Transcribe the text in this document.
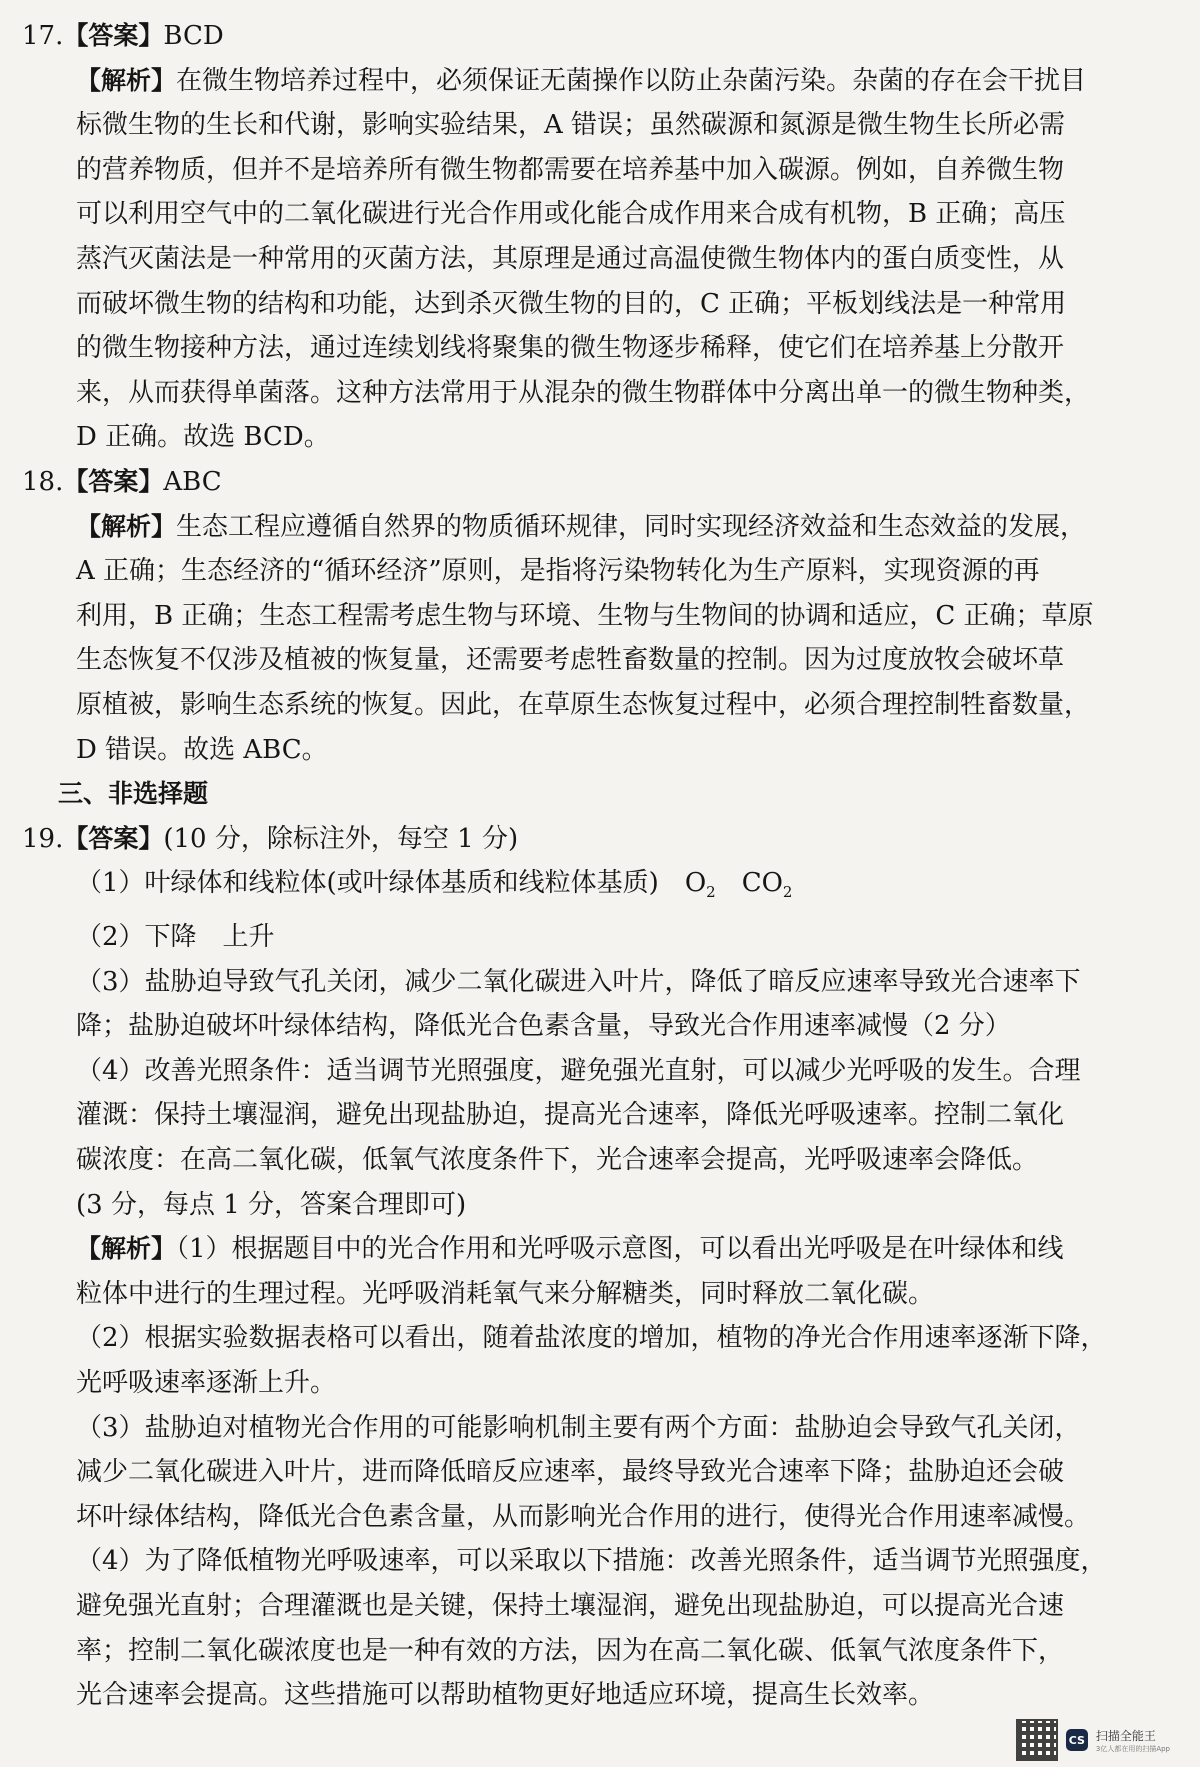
17.【答案】BCD
【解析】在微生物培养过程中，必须保证无菌操作以防止杂菌污染。杂菌的存在会干扰目
标微生物的生长和代谢，影响实验结果，A 错误；虽然碳源和氮源是微生物生长所必需
的营养物质，但并不是培养所有微生物都需要在培养基中加入碳源。例如，自养微生物
可以利用空气中的二氧化碳进行光合作用或化能合成作用来合成有机物，B 正确；高压
蒸汽灭菌法是一种常用的灭菌方法，其原理是通过高温使微生物体内的蛋白质变性，从
而破坏微生物的结构和功能，达到杀灭微生物的目的，C 正确；平板划线法是一种常用
的微生物接种方法，通过连续划线将聚集的微生物逐步稀释，使它们在培养基上分散开
来，从而获得单菌落。这种方法常用于从混杂的微生物群体中分离出单一的微生物种类，
D 正确。故选 BCD。
18.【答案】ABC
【解析】生态工程应遵循自然界的物质循环规律，同时实现经济效益和生态效益的发展，
A 正确；生态经济的“循环经济”原则，是指将污染物转化为生产原料，实现资源的再
利用，B 正确；生态工程需考虑生物与环境、生物与生物间的协调和适应，C 正确；草原
生态恢复不仅涉及植被的恢复量，还需要考虑牲畜数量的控制。因为过度放牧会破坏草
原植被，影响生态系统的恢复。因此，在草原生态恢复过程中，必须合理控制牲畜数量，
D 错误。故选 ABC。
三、非选择题
19.【答案】(10 分，除标注外，每空 1 分)
（1）叶绿体和线粒体(或叶绿体基质和线粒体基质)　$O_2$　$CO_2$
（2）下降　上升
（3）盐胁迫导致气孔关闭，减少二氧化碳进入叶片，降低了暗反应速率导致光合速率下
降；盐胁迫破坏叶绿体结构，降低光合色素含量，导致光合作用速率减慢（2 分）
（4）改善光照条件：适当调节光照强度，避免强光直射，可以减少光呼吸的发生。合理
灌溉：保持土壤湿润，避免出现盐胁迫，提高光合速率，降低光呼吸速率。控制二氧化
碳浓度：在高二氧化碳，低氧气浓度条件下，光合速率会提高，光呼吸速率会降低。
(3 分，每点 1 分，答案合理即可)
【解析】（1）根据题目中的光合作用和光呼吸示意图，可以看出光呼吸是在叶绿体和线
粒体中进行的生理过程。光呼吸消耗氧气来分解糖类，同时释放二氧化碳。
（2）根据实验数据表格可以看出，随着盐浓度的增加，植物的净光合作用速率逐渐下降，
光呼吸速率逐渐上升。
（3）盐胁迫对植物光合作用的可能影响机制主要有两个方面：盐胁迫会导致气孔关闭，
减少二氧化碳进入叶片，进而降低暗反应速率，最终导致光合速率下降；盐胁迫还会破
坏叶绿体结构，降低光合色素含量，从而影响光合作用的进行，使得光合作用速率减慢。
（4）为了降低植物光呼吸速率，可以采取以下措施：改善光照条件，适当调节光照强度，
避免强光直射；合理灌溉也是关键，保持土壤湿润，避免出现盐胁迫，可以提高光合速
率；控制二氧化碳浓度也是一种有效的方法，因为在高二氧化碳、低氧气浓度条件下，
光合速率会提高。这些措施可以帮助植物更好地适应环境，提高生长效率。
CS 扫描全能王
3亿人都在用的扫描App
